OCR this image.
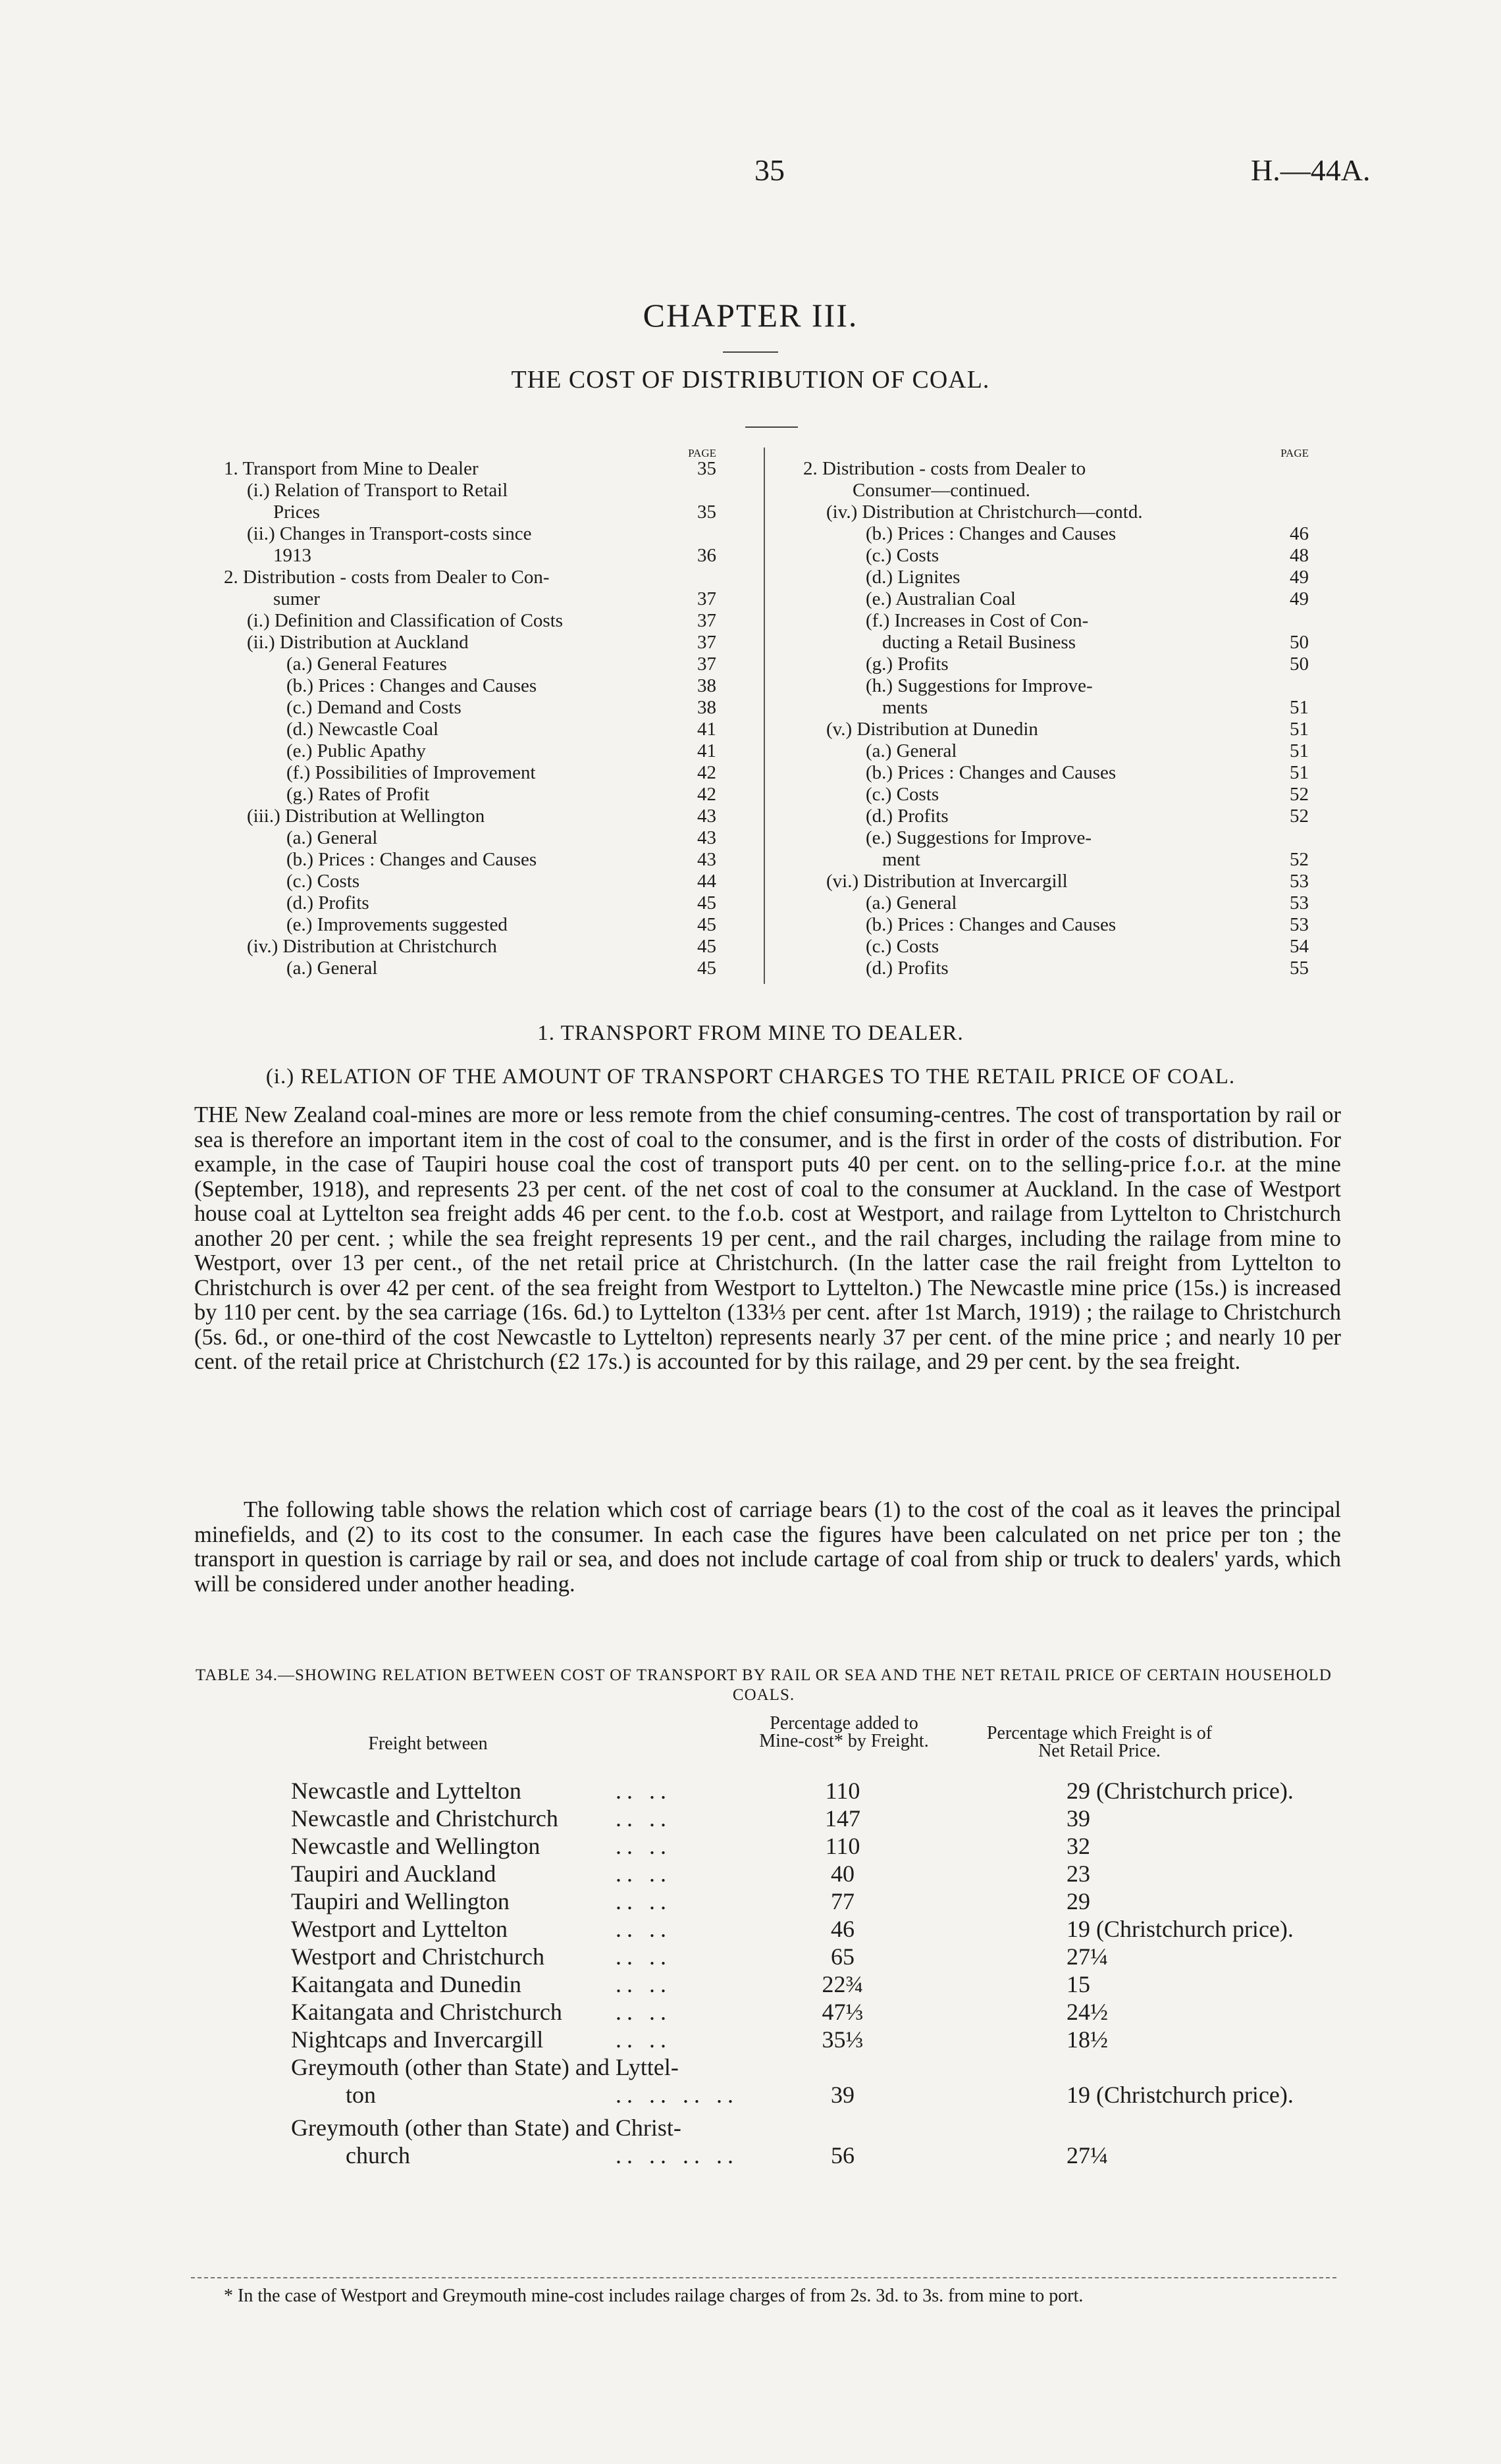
35	H.—44A.
CHAPTER III.
THE COST OF DISTRIBUTION OF COAL.
PAGE
1. Transport from Mine to Dealer	35
(i.) Relation of Transport to Retail
Prices	35
(ii.) Changes in Transport-costs since
1913	36
2. Distribution - costs from Dealer to Con-
sumer	37
(i.) Definition and Classification of Costs	37
(ii.) Distribution at Auckland	37
(a.) General Features	37
(b.) Prices : Changes and Causes	38
(c.) Demand and Costs	38
(d.) Newcastle Coal	41
(e.) Public Apathy	41
(f.) Possibilities of Improvement	42
(g.) Rates of Profit	42
(iii.) Distribution at Wellington	43
(a.) General	43
(b.) Prices : Changes and Causes	43
(c.) Costs	44
(d.) Profits	45
(e.) Improvements suggested	45
(iv.) Distribution at Christchurch	45
(a.) General	45
PAGE
2. Distribution - costs from Dealer to
Consumer—continued.
(iv.) Distribution at Christchurch—contd.
(b.) Prices : Changes and Causes	46
(c.) Costs	48
(d.) Lignites	49
(e.) Australian Coal	49
(f.) Increases in Cost of Con-
ducting a Retail Business	50
(g.) Profits	50
(h.) Suggestions for Improve-
ments	51
(v.) Distribution at Dunedin	51
(a.) General	51
(b.) Prices : Changes and Causes	51
(c.) Costs	52
(d.) Profits	52
(e.) Suggestions for Improve-
ment	52
(vi.) Distribution at Invercargill	53
(a.) General	53
(b.) Prices : Changes and Causes	53
(c.) Costs	54
(d.) Profits	55
1. TRANSPORT FROM MINE TO DEALER.
(i.) RELATION OF THE AMOUNT OF TRANSPORT CHARGES TO THE RETAIL PRICE OF COAL.
THE New Zealand coal-mines are more or less remote from the chief consuming-centres. The cost of transportation by rail or sea is therefore an important item in the cost of coal to the consumer, and is the first in order of the costs of distribution. For example, in the case of Taupiri house coal the cost of transport puts 40 per cent. on to the selling-price f.o.r. at the mine (September, 1918), and represents 23 per cent. of the net cost of coal to the consumer at Auckland. In the case of Westport house coal at Lyttelton sea freight adds 46 per cent. to the f.o.b. cost at Westport, and railage from Lyttelton to Christchurch another 20 per cent. ; while the sea freight represents 19 per cent., and the rail charges, including the railage from mine to Westport, over 13 per cent., of the net retail price at Christchurch. (In the latter case the rail freight from Lyttelton to Christchurch is over 42 per cent. of the sea freight from Westport to Lyttelton.) The Newcastle mine price (15s.) is increased by 110 per cent. by the sea carriage (16s. 6d.) to Lyttelton (133⅓ per cent. after 1st March, 1919) ; the railage to Christchurch (5s. 6d., or one-third of the cost Newcastle to Lyttelton) represents nearly 37 per cent. of the mine price ; and nearly 10 per cent. of the retail price at Christchurch (£2 17s.) is accounted for by this railage, and 29 per cent. by the sea freight.
The following table shows the relation which cost of carriage bears (1) to the cost of the coal as it leaves the principal minefields, and (2) to its cost to the consumer. In each case the figures have been calculated on net price per ton ; the transport in question is carriage by rail or sea, and does not include cartage of coal from ship or truck to dealers' yards, which will be considered under another heading.
TABLE 34.—SHOWING RELATION BETWEEN COST OF TRANSPORT BY RAIL OR SEA AND THE NET RETAIL PRICE OF CERTAIN HOUSEHOLD COALS.
Freight between
Percentage added to Mine-cost* by Freight.	Percentage which Freight is of Net Retail Price.
Newcastle and Lyttelton	.. ..	110	29 (Christchurch price).
Newcastle and Christchurch .. ..	147	39
Newcastle and Wellington	.. ..	110	32
Taupiri and Auckland	.. ..	40	23
Taupiri and Wellington	.. ..	77	29
Westport and Lyttelton	.. ..	46	19 (Christchurch price).
Westport and Christchurch	.. ..	65	27¼
Kaitangata and Dunedin	.. ..	22¾	15
Kaitangata and Christchurch .. ..	47⅓	24½
Nightcaps and Invercargill	.. ..	35⅓	18½
Greymouth (other than State) and Lyttel-
ton	.. .. .. ..	39	19 (Christchurch price).
Greymouth (other than State) and Christ-
church	.. .. .. ..	56	27¼
* In the case of Westport and Greymouth mine-cost includes railage charges of from 2s. 3d. to 3s. from mine to port.
